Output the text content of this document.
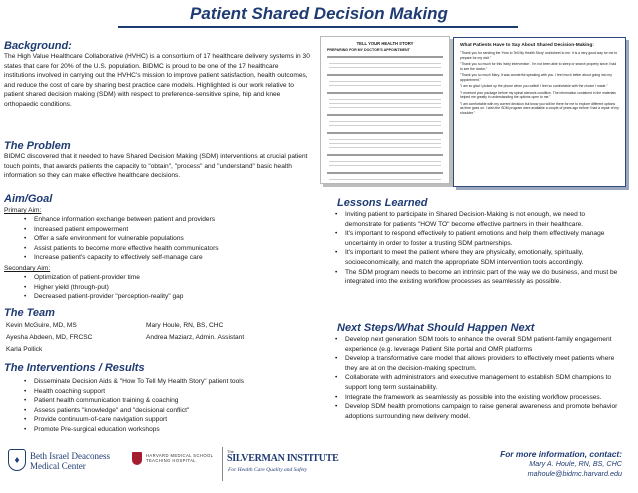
Patient Shared Decision Making
Background:
The High Value Healthcare Collaborative (HVHC) is a consortium of 17 healthcare delivery systems in 30 states that care for 20% of the U.S. population. BIDMC is proud to be one of the 17 healthcare institutions involved in carrying out the HVHC's mission to improve patient satisfaction, health outcomes, and reduce the cost of care by sharing best practice care models. Highlighted is our work relative to patient shared decision making (SDM) with respect to preference-sensitive spine, hip and knee orthopaedic conditions.
The Problem
BIDMC discovered that it needed to have Shared Decision Making (SDM) interventions at crucial patient touch points, that awards patients the capacity to "obtain", "process" and "understand" basic health information so they can make effective healthcare decisions.
Aim/Goal
Primary Aim:
• Enhance information exchange between patient and providers
• Increased patient empowerment
• Offer a safe environment for vulnerable populations
• Assist patients to become more effective health communicators
• Increase patient's capacity to effectively self-manage care
Secondary Aim:
• Optimization of patient-provider time
• Higher yield (through-put)
• Decreased patient-provider "perception-reality" gap
The Team
Kevin McGuire, MD, MS
Ayesha Abdeen, MD, FRCSC
Karla Pollick
Mary Houle, RN, BS, CHC
Andrea Maziarz, Admin. Assistant
The Interventions / Results
• Disseminate Decision Aids & "How To Tell My Health Story" patient tools
• Health coaching support
• Patient health communication training & coaching
• Assess patients "knowledge" and "decisional conflict"
• Provide continuum-of-care navigation support
• Promote Pre-surgical education workshops
TELL YOUR HEALTH STORY
PREPARING FOR MY DOCTOR'S APPOINTMENT
What Patients Have to Say About Shared Decision-Making:
"Thank you for sending the 'How to Tell My Health Story' worksheet to me. It is a very good way for me to prepare for my visit."
"Thank you so much for this 'early intervention'. I'm not been able to sleep or search properly since I had to see the doctor."
"Thank you so much Mary. It was wonderful speaking with you. I feel much better about going into my appointment."
"I am so glad I picked up the phone when you called! I feel so comfortable with the choice I made."
"I received your package before my spinal stenosis condition. The information contained in the materials helped me greatly in understanding the options open to me."
"I am comfortable with my current decision but know you will be there for me to explore different options as time goes on. I wish the SDM program were available a couple of years ago before I had a repair of my shoulder."
Lessons Learned
• Inviting patient to participate in Shared Decision-Making is not enough, we need to demonstrate for patients "HOW TO" become effective partners in their healthcare.
• It's important to respond effectively to patient emotions and help them effectively manage uncertainty in order to foster a trusting SDM partnerships.
• It's important to meet the patient where they are physically, emotionally, spiritually, socioeconomically, and match the appropriate SDM intervention tools accordingly.
• The SDM program needs to become an intrinsic part of the way we do business, and must be integrated into the existing workflow processes as seamlessly as possible.
Next Steps/What Should Happen Next
• Develop next generation SDM tools to enhance the overall SDM patient-family engagement experience (e.g. leverage Patient Site portal and OMR platforms
• Develop a transformative care model that allows providers to effectively meet patients where they are at on the decision-making spectrum.
• Collaborate with administrators and executive management to establish SDM champions to support long term sustainability.
• Integrate the framework as seamlessly as possible into the existing workflow processes.
• Develop SDM health promotions campaign to raise general awareness and promote behavior adoptions surrounding new delivery model.
♦	Beth Israel Deaconess
Medical Center
HARVARD MEDICAL SCHOOL
TEACHING HOSPITAL
The
SILVERMAN INSTITUTE
For Health Care Quality and Safety
For more information, contact:
Mary A. Houle, RN, BS, CHC
mahoule@bidmc.harvard.edu
